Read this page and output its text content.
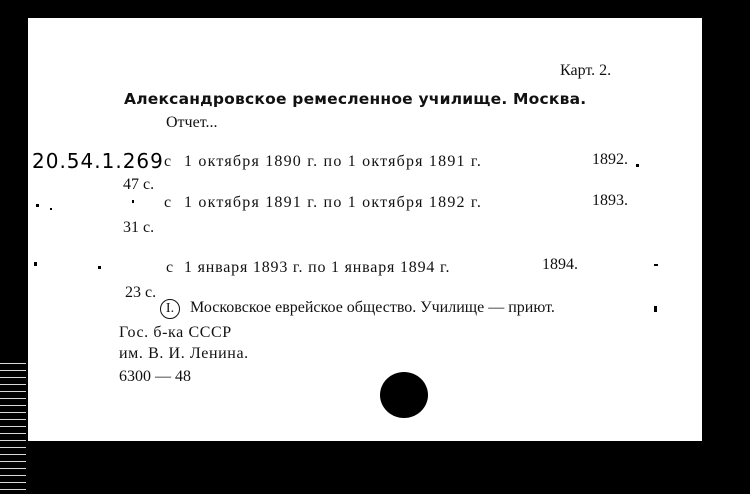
Карт. 2.
Александровское ремесленное училище. Москва.
Отчет...
20.54.1.269 с 1 октября 1890 г. по 1 октября 1891 г.	1892.
47 с.
с 1 октября 1891 г. по 1 октября 1892 г.	1893.
31 с.
с 1 января 1893 г. по 1 января 1894 г.	1894.
23 с.
I. Московское еврейское общество. Училище — приют.
Гос. б-ка СССР
им. В. И. Ленина.
6300 — 48
